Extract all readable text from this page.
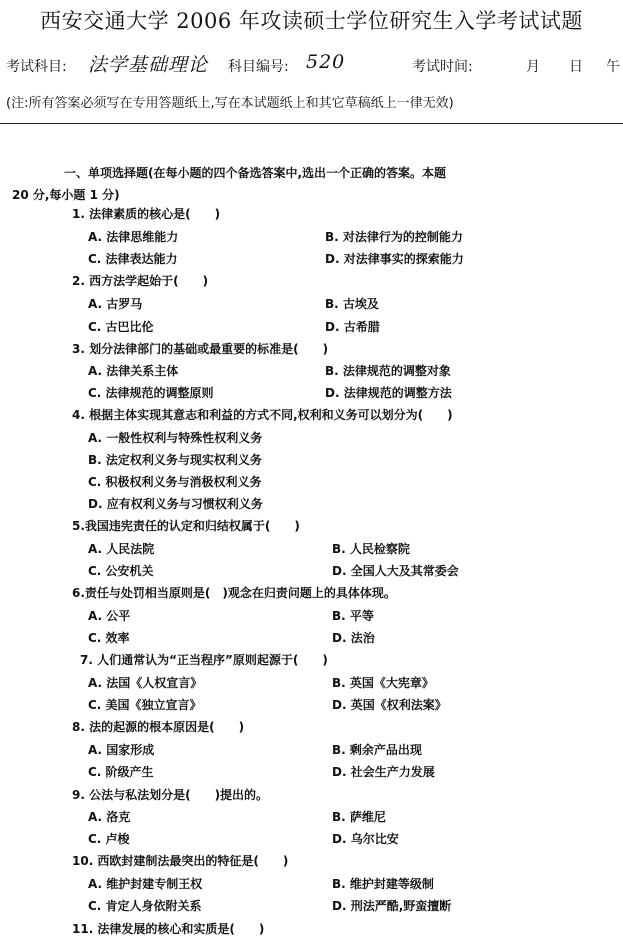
西安交通大学 2006 年攻读硕士学位研究生入学考试试题
考试科目: 法学基础理论 科目编号: 520	考试时间:	月 日 午
(注:所有答案必须写在专用答题纸上,写在本试题纸上和其它草稿纸上一律无效)
一、单项选择题(在每小题的四个备选答案中,选出一个正确的答案。本题
20 分,每小题 1 分)
1. 法律素质的核心是(　　)
A. 法律思维能力	B. 对法律行为的控制能力
C. 法律表达能力	D. 对法律事实的探索能力
2. 西方法学起始于(　　)
A. 古罗马	B. 古埃及
C. 古巴比伦	D. 古希腊
3. 划分法律部门的基础或最重要的标准是(　　)
A. 法律关系主体	B. 法律规范的调整对象
C. 法律规范的调整原则	D. 法律规范的调整方法
4. 根据主体实现其意志和利益的方式不同,权利和义务可以划分为(　　)
A. 一般性权利与特殊性权利义务
B. 法定权利义务与现实权利义务
C. 积极权利义务与消极权利义务
D. 应有权利义务与习惯权利义务
5.我国违宪责任的认定和归结权属于(　　)
A. 人民法院	B. 人民检察院
C. 公安机关	D. 全国人大及其常委会
6.责任与处罚相当原则是(　)观念在归责问题上的具体体现。
A. 公平	B. 平等
C. 效率	D. 法治
7. 人们通常认为“正当程序”原则起源于(　　)
A. 法国《人权宣言》	B. 英国《大宪章》
C. 美国《独立宣言》	D. 英国《权利法案》
8. 法的起源的根本原因是(　　)
A. 国家形成	B. 剩余产品出现
C. 阶级产生	D. 社会生产力发展
9. 公法与私法划分是(　　)提出的。
A. 洛克	B. 萨维尼
C. 卢梭	D. 乌尔比安
10. 西欧封建制法最突出的特征是(　　)
A. 维护封建专制王权	B. 维护封建等级制
C. 肯定人身依附关系	D. 刑法严酷,野蛮擅断
11. 法律发展的核心和实质是(　　)
